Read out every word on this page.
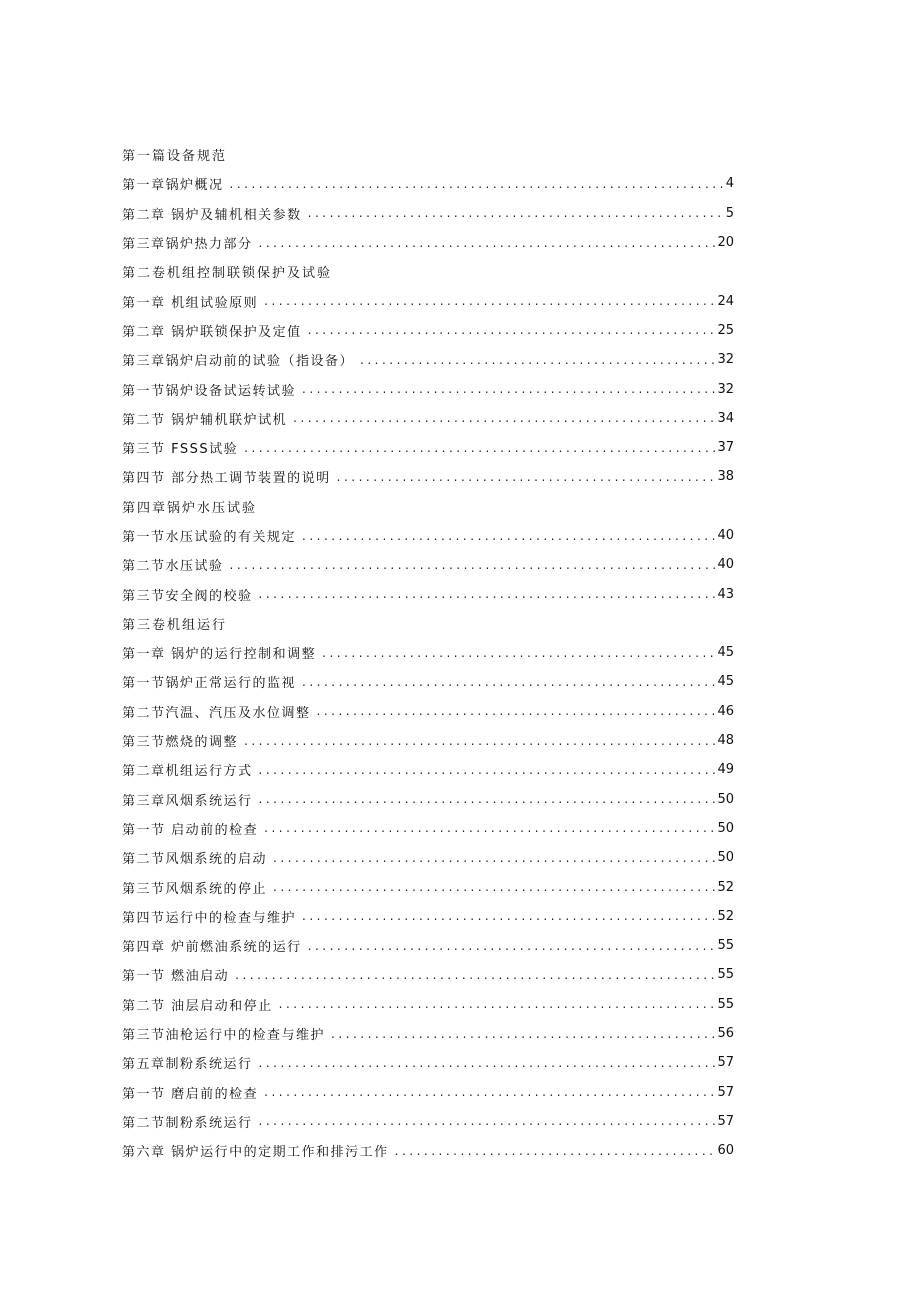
第一篇设备规范
第一章锅炉概况 .....	4
第二章 锅炉及辅机相关参数 .....	5
第三章锅炉热力部分 .....	20
第二卷机组控制联锁保护及试验
第一章 机组试验原则 .....	24
第二章 锅炉联锁保护及定值 .....	25
第三章锅炉启动前的试验（指设备） .....	32
第一节锅炉设备试运转试验 .....	32
第二节 锅炉辅机联炉试机 .....	34
第三节 FSSS试验 .....	37
第四节 部分热工调节装置的说明 .....	38
第四章锅炉水压试验
第一节水压试验的有关规定 .....	40
第二节水压试验 .....	40
第三节安全阀的校验 .....	43
第三卷机组运行
第一章 锅炉的运行控制和调整 .....	45
第一节锅炉正常运行的监视 .....	45
第二节汽温、汽压及水位调整 .....	46
第三节燃烧的调整 .....	48
第二章机组运行方式 .....	49
第三章风烟系统运行 .....	50
第一节 启动前的检查 .....	50
第二节风烟系统的启动 .....	50
第三节风烟系统的停止 .....	52
第四节运行中的检查与维护 .....	52
第四章 炉前燃油系统的运行 .....	55
第一节 燃油启动 .....	55
第二节 油层启动和停止 .....	55
第三节油枪运行中的检查与维护 .....	56
第五章制粉系统运行 .....	57
第一节 磨启前的检查 .....	57
第二节制粉系统运行 .....	57
第六章 锅炉运行中的定期工作和排污工作 .....	60
